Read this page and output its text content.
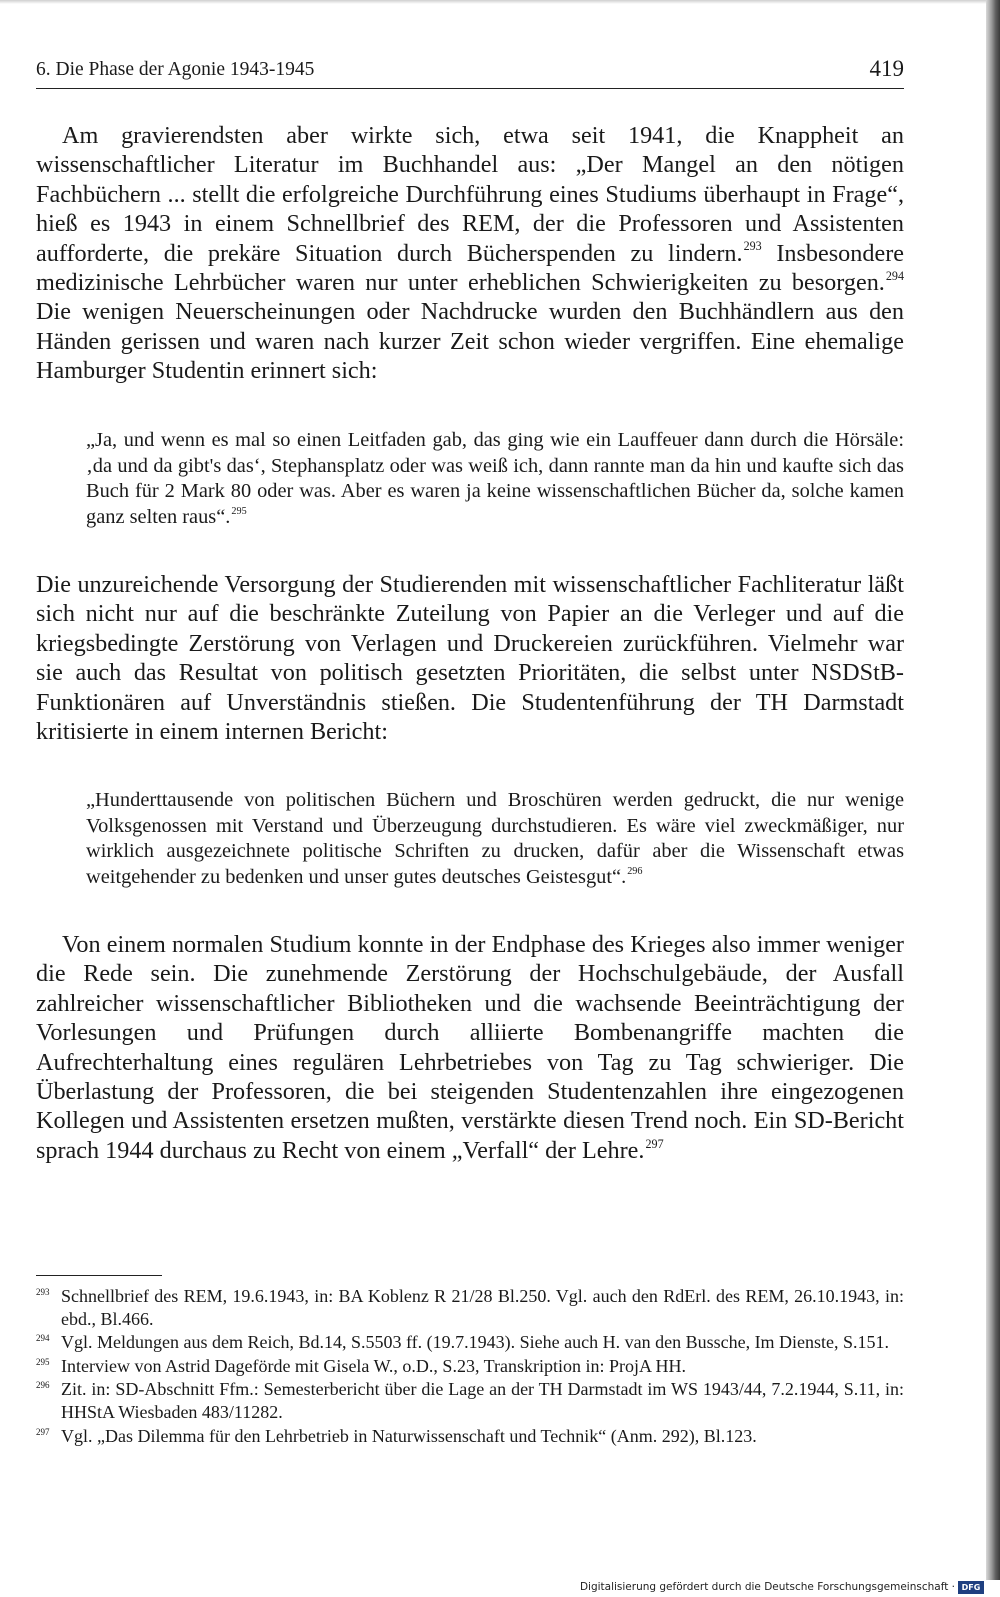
6. Die Phase der Agonie 1943-1945	419

Am gravierendsten aber wirkte sich, etwa seit 1941, die Knappheit an wissenschaftlicher Literatur im Buchhandel aus: „Der Mangel an den nötigen Fachbüchern ... stellt die erfolgreiche Durchführung eines Studiums überhaupt in Frage“, hieß es 1943 in einem Schnellbrief des REM, der die Professoren und Assistenten aufforderte, die prekäre Situation durch Bücherspenden zu lindern.$^{293}$ Insbesondere medizinische Lehrbücher waren nur unter erheblichen Schwierigkeiten zu besorgen.$^{294}$ Die wenigen Neuerscheinungen oder Nachdrucke wurden den Buchhändlern aus den Händen gerissen und waren nach kurzer Zeit schon wieder vergriffen. Eine ehemalige Hamburger Studentin erinnert sich:

„Ja, und wenn es mal so einen Leitfaden gab, das ging wie ein Lauffeuer dann durch die Hörsäle: ‚da und da gibt's das‘, Stephansplatz oder was weiß ich, dann rannte man da hin und kaufte sich das Buch für 2 Mark 80 oder was. Aber es waren ja keine wissenschaftlichen Bücher da, solche kamen ganz selten raus“.$^{295}$

Die unzureichende Versorgung der Studierenden mit wissenschaftlicher Fachliteratur läßt sich nicht nur auf die beschränkte Zuteilung von Papier an die Verleger und auf die kriegsbedingte Zerstörung von Verlagen und Druckereien zurückführen. Vielmehr war sie auch das Resultat von politisch gesetzten Prioritäten, die selbst unter NSDStB-Funktionären auf Unverständnis stießen. Die Studentenführung der TH Darmstadt kritisierte in einem internen Bericht:

„Hunderttausende von politischen Büchern und Broschüren werden gedruckt, die nur wenige Volksgenossen mit Verstand und Überzeugung durchstudieren. Es wäre viel zweckmäßiger, nur wirklich ausgezeichnete politische Schriften zu drucken, dafür aber die Wissenschaft etwas weitgehender zu bedenken und unser gutes deutsches Geistesgut“.$^{296}$

Von einem normalen Studium konnte in der Endphase des Krieges also immer weniger die Rede sein. Die zunehmende Zerstörung der Hochschulgebäude, der Ausfall zahlreicher wissenschaftlicher Bibliotheken und die wachsende Beeinträchtigung der Vorlesungen und Prüfungen durch alliierte Bombenangriffe machten die Aufrechterhaltung eines regulären Lehrbetriebes von Tag zu Tag schwieriger. Die Überlastung der Professoren, die bei steigenden Studentenzahlen ihre eingezogenen Kollegen und Assistenten ersetzen mußten, verstärkte diesen Trend noch. Ein SD-Bericht sprach 1944 durchaus zu Recht von einem „Verfall“ der Lehre.$^{297}$

293 Schnellbrief des REM, 19.6.1943, in: BA Koblenz R 21/28 Bl.250. Vgl. auch den RdErl. des REM, 26.10.1943, in: ebd., Bl.466.
294 Vgl. Meldungen aus dem Reich, Bd.14, S.5503 ff. (19.7.1943). Siehe auch H. van den Bussche, Im Dienste, S.151.
295 Interview von Astrid Dageförde mit Gisela W., o.D., S.23, Transkription in: ProjA HH.
296 Zit. in: SD-Abschnitt Ffm.: Semesterbericht über die Lage an der TH Darmstadt im WS 1943/44, 7.2.1944, S.11, in: HHStA Wiesbaden 483/11282.
297 Vgl. „Das Dilemma für den Lehrbetrieb in Naturwissenschaft und Technik“ (Anm. 292), Bl.123.
Digitalisierung gefördert durch die Deutsche Forschungsgemeinschaft · DFG
